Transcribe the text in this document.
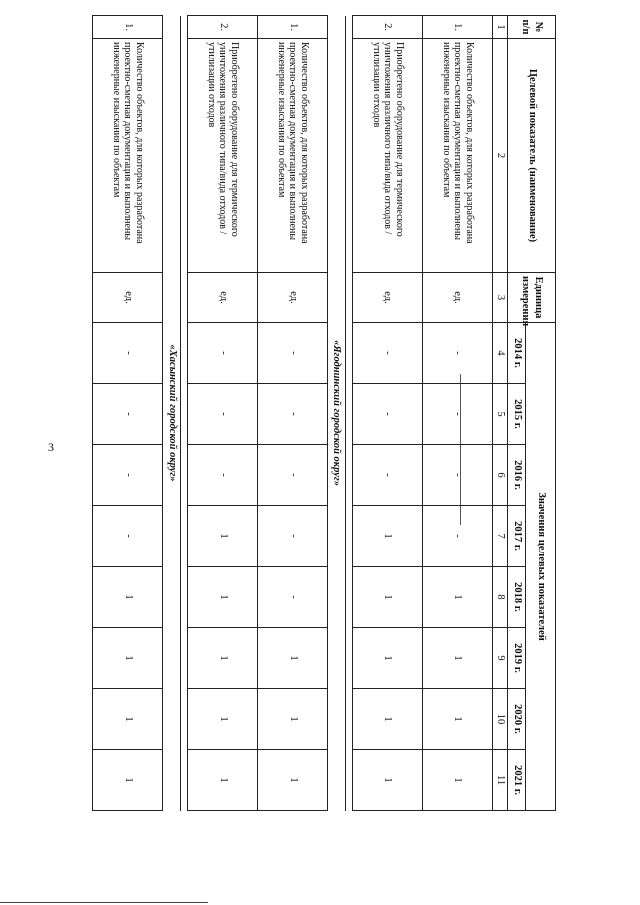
3
№ п/п	Целевой показатель (наименование)	Единица измерения	Значения целевых показателей							
			2014 г.	2015 г.	2016 г.	2017 г.	2018 г.	2019 г.	2020 г.	2021 г.
1	2	3	4	5	6	7	8	9	10	11
1.	Количество объектов, для которых разработана проектно-сметная документация и выполнены инженерные изыскания по объектам	ед.	-	-	-	-	1	1	1	1
2.	Приобретено оборудование для термического уничтожения различного типа/вида отходов /утилизации отходов	ед.	-	-	-	1	1	1	1	1

«Ягоднинский городской округ»										
1.	Количество объектов, для которых разработана проектно-сметная документация и выполнены инженерные изыскания по объектам	ед.	-	-	-	-	-	1	1	1
2.	Приобретено оборудование для термического уничтожения различного типа/вида отходов /утилизации отходов	ед.	-	-	-	1	1	1	1	1

«Хасынский городской округ»										
1.	Количество объектов, для которых разработана проектно-сметная документация и выполнены инженерные изыскания по объектам	ед.	-	-	-	-	1	1	1	1
